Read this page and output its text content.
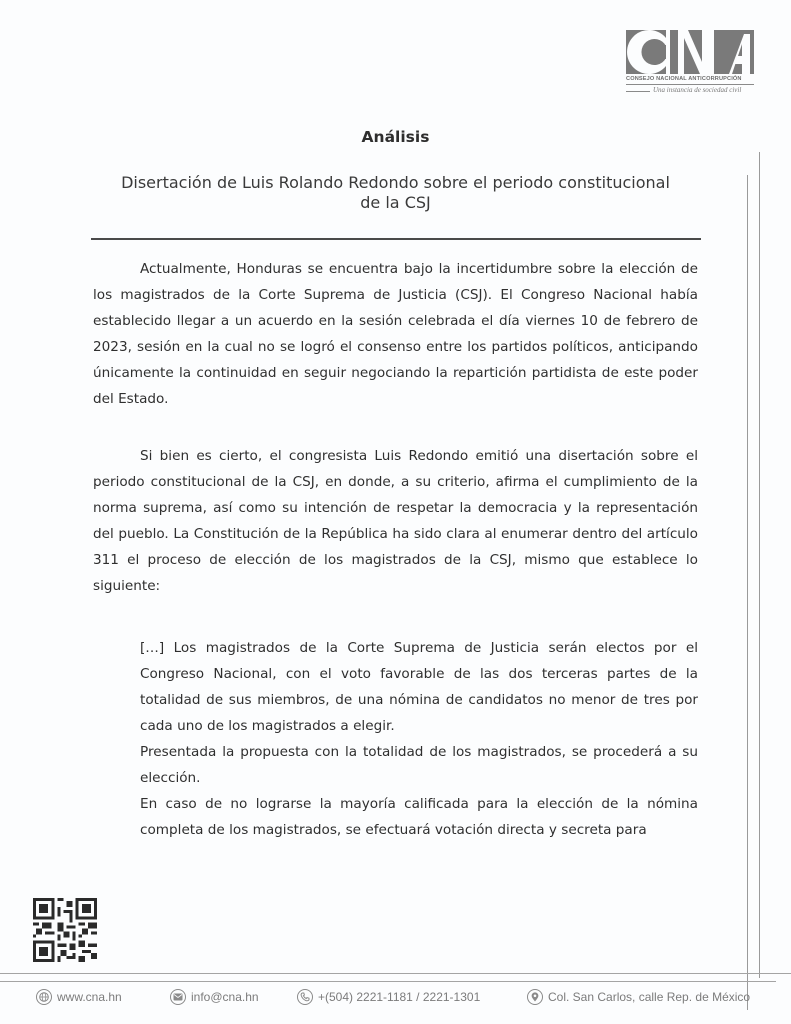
CONSEJO NACIONAL ANTICORRUPCIÓN
Una instancia de sociedad civil
Análisis
Disertación de Luis Rolando Redondo sobre el periodo constitucional de la CSJ
Actualmente, Honduras se encuentra bajo la incertidumbre sobre la elección de los magistrados de la Corte Suprema de Justicia (CSJ). El Congreso Nacional había establecido llegar a un acuerdo en la sesión celebrada el día viernes 10 de febrero de 2023, sesión en la cual no se logró el consenso entre los partidos políticos, anticipando únicamente la continuidad en seguir negociando la repartición partidista de este poder del Estado.
Si bien es cierto, el congresista Luis Redondo emitió una disertación sobre el periodo constitucional de la CSJ, en donde, a su criterio, afirma el cumplimiento de la norma suprema, así como su intención de respetar la democracia y la representación del pueblo. La Constitución de la República ha sido clara al enumerar dentro del artículo 311 el proceso de elección de los magistrados de la CSJ, mismo que establece lo siguiente:

[…] Los magistrados de la Corte Suprema de Justicia serán electos por el Congreso Nacional, con el voto favorable de las dos terceras partes de la totalidad de sus miembros, de una nómina de candidatos no menor de tres por cada uno de los magistrados a elegir.

Presentada la propuesta con la totalidad de los magistrados, se procederá a su elección.

En caso de no lograrse la mayoría calificada para la elección de la nómina completa de los magistrados, se efectuará votación directa y secreta para

www.cna.hn	info@cna.hn	+(504) 2221-1181 / 2221-1301	Col. San Carlos, calle Rep. de México
